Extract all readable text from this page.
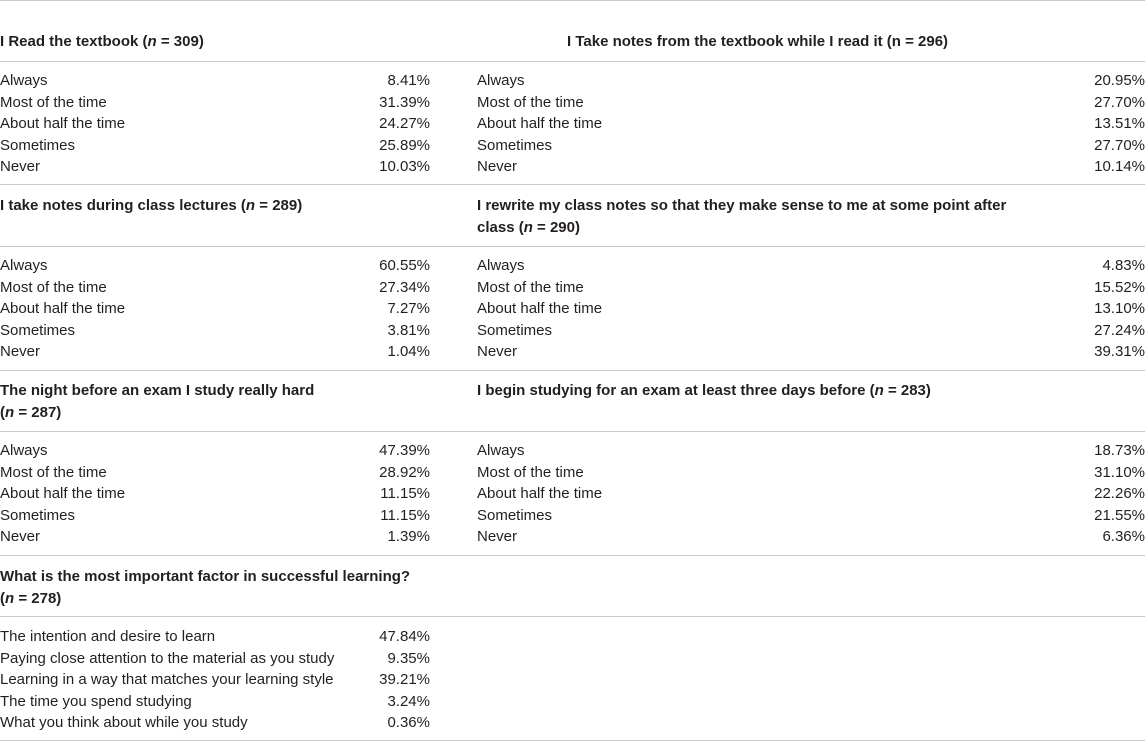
I Read the textbook (n = 309)	I Take notes from the textbook while I read it (n = 296)
Always	8.41%
Most of the time	31.39%
About half the time	24.27%
Sometimes	25.89%
Never	10.03%
Always	20.95%
Most of the time	27.70%
About half the time	13.51%
Sometimes	27.70%
Never	10.14%
I take notes during class lectures (n = 289)	I rewrite my class notes so that they make sense to me at some point after
class (n = 290)
Always	60.55%
Most of the time	27.34%
About half the time	7.27%
Sometimes	3.81%
Never	1.04%
Always	4.83%
Most of the time	15.52%
About half the time	13.10%
Sometimes	27.24%
Never	39.31%
The night before an exam I study really hard
(n = 287)
I begin studying for an exam at least three days before (n = 283)
Always	47.39%
Most of the time	28.92%
About half the time	11.15%
Sometimes	11.15%
Never	1.39%
Always	18.73%
Most of the time	31.10%
About half the time	22.26%
Sometimes	21.55%
Never	6.36%
What is the most important factor in successful learning?
(n = 278)
The intention and desire to learn	47.84%
Paying close attention to the material as you study	9.35%
Learning in a way that matches your learning style	39.21%
The time you spend studying	3.24%
What you think about while you study	0.36%
